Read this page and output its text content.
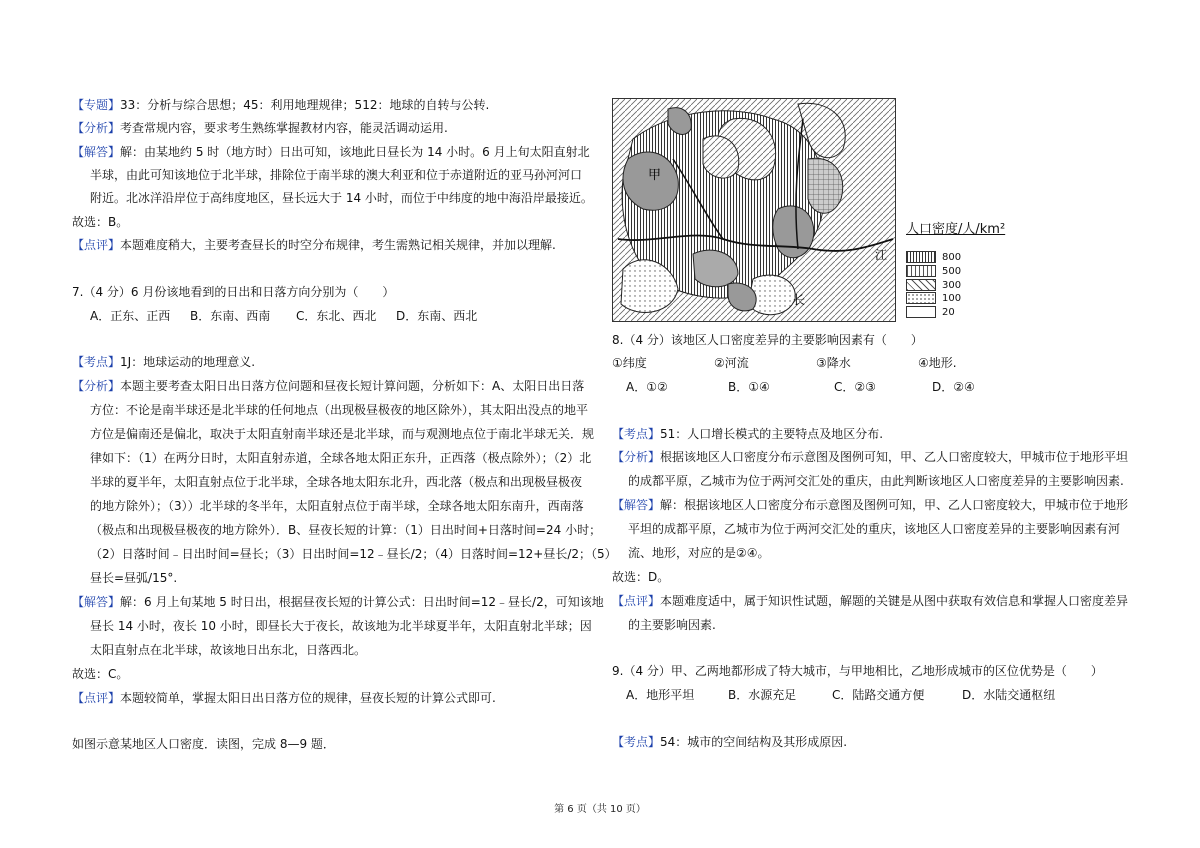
【专题】33：分析与综合思想；45：利用地理规律；512：地球的自转与公转.
【分析】考查常规内容，要求考生熟练掌握教材内容，能灵活调动运用.
【解答】解：由某地约 5 时（地方时）日出可知，该地此日昼长为 14 小时。6 月上旬太阳直射北
半球，由此可知该地位于北半球，排除位于南半球的澳大利亚和位于赤道附近的亚马孙河河口
附近。北冰洋沿岸位于高纬度地区，昼长远大于 14 小时，而位于中纬度的地中海沿岸最接近。
故选：B。
【点评】本题难度稍大，主要考查昼长的时空分布规律，考生需熟记相关规律，并加以理解.
7.（4 分）6 月份该地看到的日出和日落方向分别为（　　）
A．正东、正西 B．东南、西南 C．东北、西北 D．东南、西北
【考点】1J：地球运动的地理意义.
【分析】本题主要考查太阳日出日落方位问题和昼夜长短计算问题，分析如下：A、太阳日出日落
方位：不论是南半球还是北半球的任何地点（出现极昼极夜的地区除外），其太阳出没点的地平
方位是偏南还是偏北，取决于太阳直射南半球还是北半球，而与观测地点位于南北半球无关．规
律如下：（1）在两分日时，太阳直射赤道，全球各地太阳正东升，正西落（极点除外）；（2）北
半球的夏半年，太阳直射点位于北半球，全球各地太阳东北升，西北落（极点和出现极昼极夜
的地方除外）；（3））北半球的冬半年，太阳直射点位于南半球，全球各地太阳东南升，西南落
（极点和出现极昼极夜的地方除外）．B、昼夜长短的计算：（1）日出时间+日落时间=24 小时；
（2）日落时间﹣日出时间=昼长；（3）日出时间=12﹣昼长/2；（4）日落时间=12+昼长/2；（5）
昼长=昼弧/15°.
【解答】解：6 月上旬某地 5 时日出，根据昼夜长短的计算公式：日出时间=12﹣昼长/2，可知该地
昼长 14 小时，夜长 10 小时，即昼长大于夜长，故该地为北半球夏半年，太阳直射北半球；因
太阳直射点在北半球，故该地日出东北，日落西北。
故选：C。
【点评】本题较简单，掌握太阳日出日落方位的规律，昼夜长短的计算公式即可.
如图示意某地区人口密度．读图，完成 8—9 题．
甲
江
长
人口密度/人/km²
800
500
300
100
20
8.（4 分）该地区人口密度差异的主要影响因素有（　　）
①纬度	②河流	③降水	④地形.
A．①②	B．①④	C．②③	D．②④
【考点】51：人口增长模式的主要特点及地区分布.
【分析】根据该地区人口密度分布示意图及图例可知，甲、乙人口密度较大，甲城市位于地形平坦
的成都平原，乙城市为位于两河交汇处的重庆，由此判断该地区人口密度差异的主要影响因素.
【解答】解：根据该地区人口密度分布示意图及图例可知，甲、乙人口密度较大，甲城市位于地形
平坦的成都平原，乙城市为位于两河交汇处的重庆，该地区人口密度差异的主要影响因素有河
流、地形，对应的是②④。
故选：D。
【点评】本题难度适中，属于知识性试题，解题的关键是从图中获取有效信息和掌握人口密度差异
的主要影响因素.
9.（4 分）甲、乙两地都形成了特大城市，与甲地相比，乙地形成城市的区位优势是（　　）
A．地形平坦	B．水源充足	C．陆路交通方便	D．水陆交通枢纽
【考点】54：城市的空间结构及其形成原因.
第 6 页（共 10 页）
